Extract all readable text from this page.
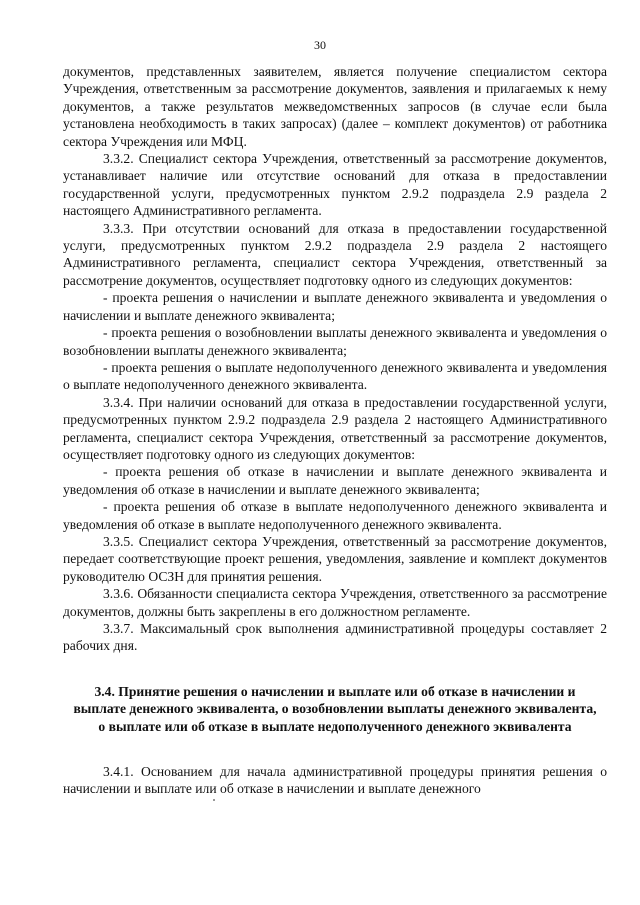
30

документов, представленных заявителем, является получение специалистом сектора Учреждения, ответственным за рассмотрение документов, заявления и прилагаемых к нему документов, а также результатов межведомственных запросов (в случае если была установлена необходимость в таких запросах) (далее – комплект документов) от работника сектора Учреждения или МФЦ.

3.3.2. Специалист сектора Учреждения, ответственный за рассмотрение документов, устанавливает наличие или отсутствие оснований для отказа в предоставлении государственной услуги, предусмотренных пунктом 2.9.2 подраздела 2.9 раздела 2 настоящего Административного регламента.

3.3.3. При отсутствии оснований для отказа в предоставлении государственной услуги, предусмотренных пунктом 2.9.2 подраздела 2.9 раздела 2 настоящего Административного регламента, специалист сектора Учреждения, ответственный за рассмотрение документов, осуществляет подготовку одного из следующих документов:

- проекта решения о начислении и выплате денежного эквивалента и уведомления о начислении и выплате денежного эквивалента;

- проекта решения о возобновлении выплаты денежного эквивалента и уведомления о возобновлении выплаты денежного эквивалента;

- проекта решения о выплате недополученного денежного эквивалента и уведомления о выплате недополученного денежного эквивалента.

3.3.4. При наличии оснований для отказа в предоставлении государственной услуги, предусмотренных пунктом 2.9.2 подраздела 2.9 раздела 2 настоящего Административного регламента, специалист сектора Учреждения, ответственный за рассмотрение документов, осуществляет подготовку одного из следующих документов:

- проекта решения об отказе в начислении и выплате денежного эквивалента и уведомления об отказе в начислении и выплате денежного эквивалента;

- проекта решения об отказе в выплате недополученного денежного эквивалента и уведомления об отказе в выплате недополученного денежного эквивалента.

3.3.5. Специалист сектора Учреждения, ответственный за рассмотрение документов, передает соответствующие проект решения, уведомления, заявление и комплект документов руководителю ОСЗН для принятия решения.

3.3.6. Обязанности специалиста сектора Учреждения, ответственного за рассмотрение документов, должны быть закреплены в его должностном регламенте.

3.3.7. Максимальный срок выполнения административной процедуры составляет 2 рабочих дня.

3.4. Принятие решения о начислении и выплате или об отказе в начислении и выплате денежного эквивалента, о возобновлении выплаты денежного эквивалента, о выплате или об отказе в выплате недополученного денежного эквивалента

3.4.1. Основанием для начала административной процедуры принятия решения о начислении и выплате или об отказе в начислении и выплате денежного
